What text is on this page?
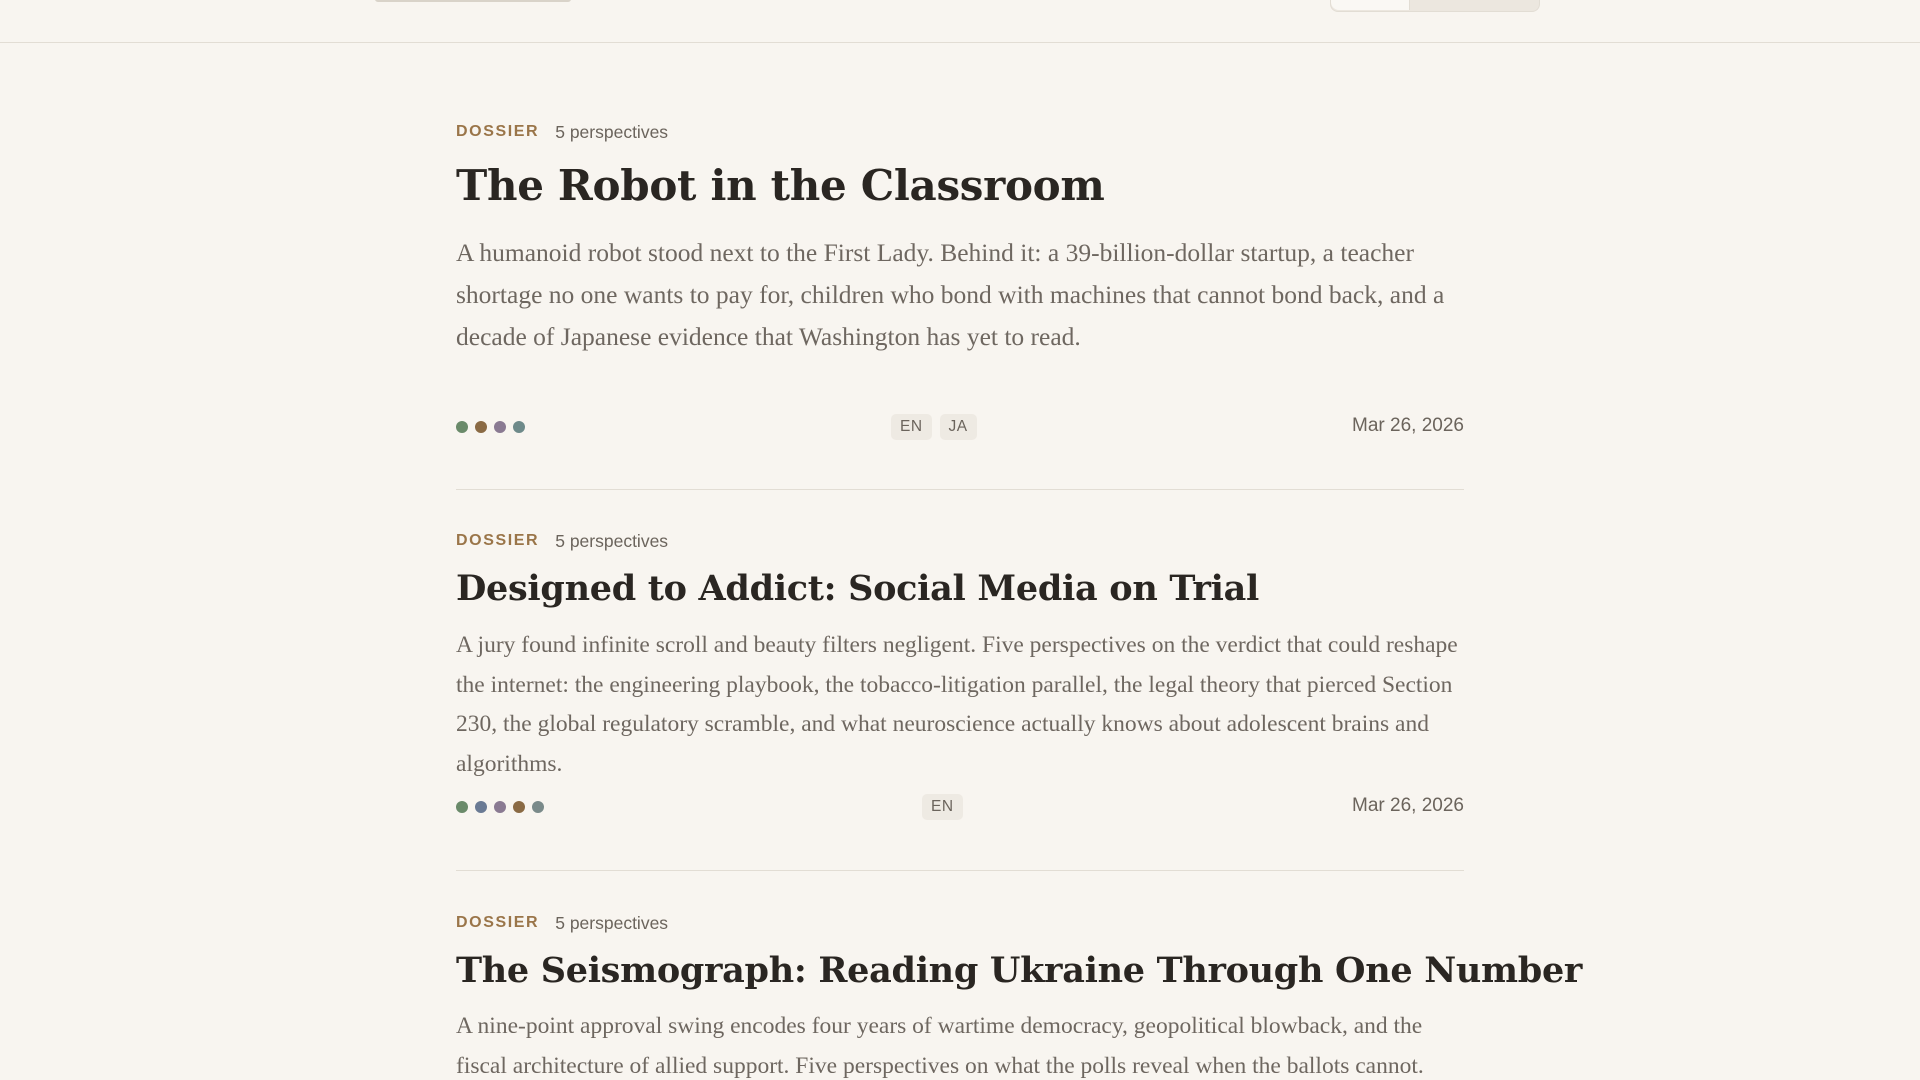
DOSSIER 5 perspectives
The Robot in the Classroom

A humanoid robot stood next to the First Lady. Behind it: a 39-billion-dollar startup, a teacher shortage no one wants to pay for, children who bond with machines that cannot bond back, and a decade of Japanese evidence that Washington has yet to read.

EN	JA	Mar 26, 2026
DOSSIER 5 perspectives
Designed to Addict: Social Media on Trial

A jury found infinite scroll and beauty filters negligent. Five perspectives on the verdict that could reshape the internet: the engineering playbook, the tobacco-litigation parallel, the legal theory that pierced Section 230, the global regulatory scramble, and what neuroscience actually knows about adolescent brains and algorithms.

EN	Mar 26, 2026
DOSSIER 5 perspectives
The Seismograph: Reading Ukraine Through One Number

A nine-point approval swing encodes four years of wartime democracy, geopolitical blowback, and the fiscal architecture of allied support. Five perspectives on what the polls reveal when the ballots cannot.
